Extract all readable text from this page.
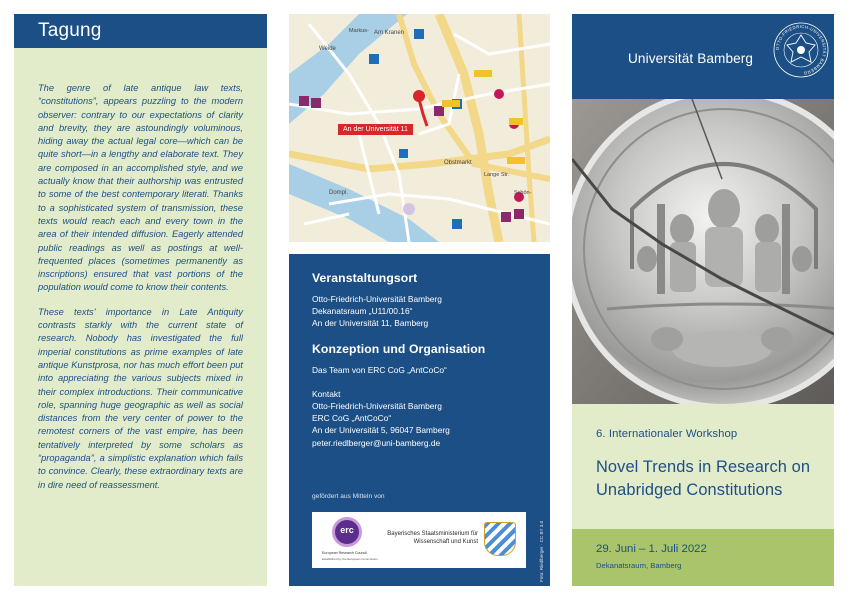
Tagung

The genre of late antique law texts, “constitutions”, appears puzzling to the modern observer: contrary to our expectations of clarity and brevity, they are astoundingly voluminous, hiding away the actual legal core—which can be quite short—in a lengthy and elaborate text. They are composed in an accomplished style, and we actually know that their authorship was entrusted to some of the best contemporary literati. Thanks to a sophisticated system of transmission, these texts would reach each and every town in the area of their intended diffusion. Eagerly attended public readings as well as postings at well-frequented places (sometimes permanently as inscriptions) ensured that vast portions of the population would come to know their contents.

These texts' importance in Late Antiquity contrasts starkly with the current state of research. Nobody has investigated the full imperial constitutions as prime examples of late antique Kunstprosa, nor has much effort been put into appreciating the various subjects mixed in their complex introductions. Their communicative role, spanning huge geographic as well as social distances from the very center of power to the remotest corners of the vast empire, has been tentatively interpreted by some scholars as “propaganda”, a simplistic explanation which fails to convince. Clearly, these extraordinary texts are in dire need of reassessment.

Weide
Markus-
Obstmarkt
Dompl.
Lange Str.
Am Kranen
Schön-
An der Universität 11
Veranstaltungsort
Otto-Friedrich-Universität Bamberg
Dekanatsraum „U11/00.16“
An der Universität 11, Bamberg
Konzeption und Organisation
Das Team von ERC CoG „AntCoCo“
Kontakt
Otto-Friedrich-Universität Bamberg
ERC CoG „AntCoCo“
An der Universität 5, 96047 Bamberg
peter.riedlberger@uni-bamberg.de
gefördert aus Mitteln von
erc
European Research Council
Established by the European Commission
Bayerisches Staatsministerium für Wissenschaft und Kunst	Foto: Riedlberger · CC BY 3.0
Universität Bamberg
OTTO-FRIEDRICH-UNIVERSITÄT BAMBERG
6. Internationaler Workshop
Novel Trends in Research on
Unabridged Constitutions
29. Juni – 1. Juli 2022
Dekanatsraum, Bamberg
